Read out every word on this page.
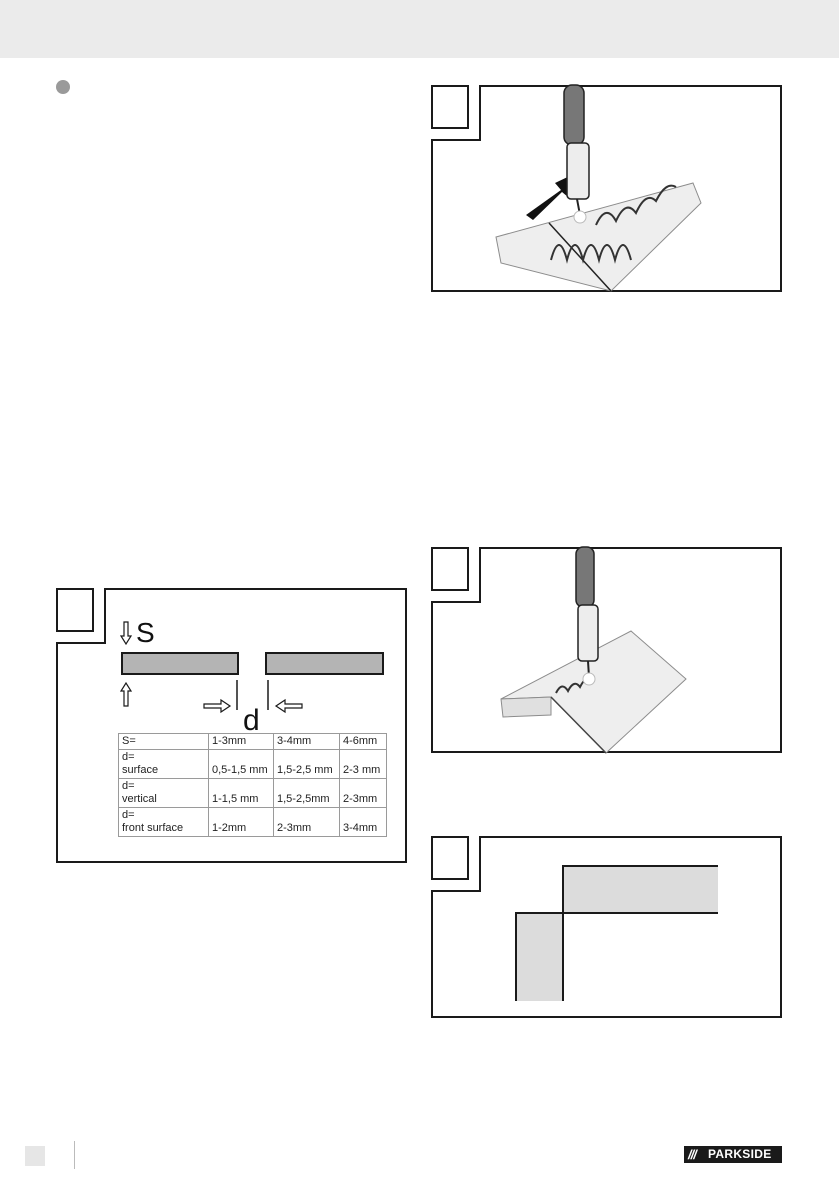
S
d
S=	1-3mm	3-4mm	4-6mm
d=
surface	0,5-1,5 mm	1,5-2,5 mm	2-3 mm
d=
vertical	1-1,5 mm	1,5-2,5mm	2-3mm
d=
front surface	1-2mm	2-3mm	3-4mm
/// PARKSIDE
